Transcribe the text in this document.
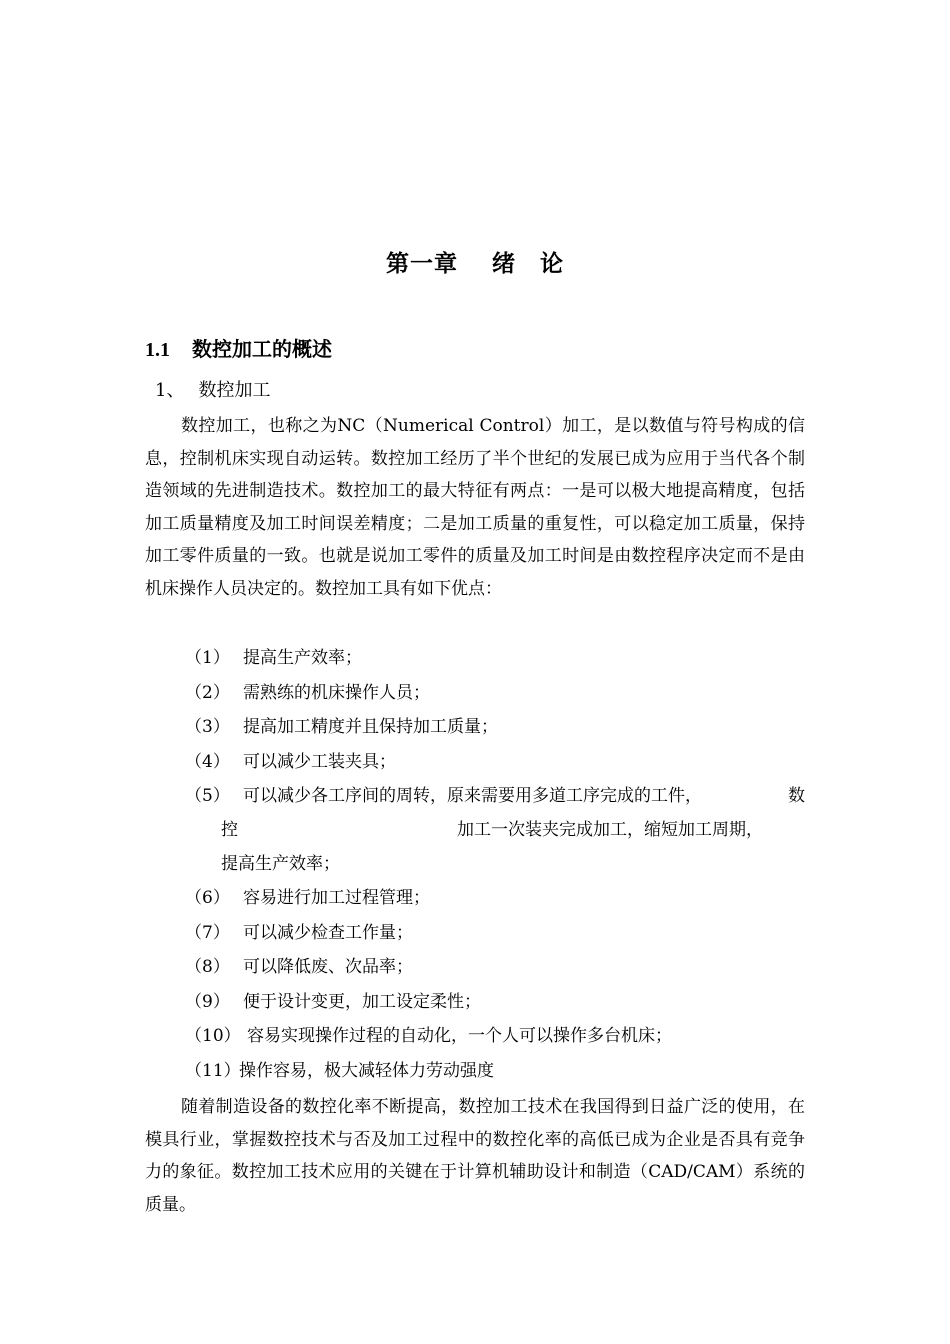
第一章 绪　论
1.1 数控加工的概述
1、 数控加工

数控加工，也称之为NC（Numerical Control）加工，是以数值与符号构成的信息，控制机床实现自动运转。数控加工经历了半个世纪的发展已成为应用于当代各个制造领域的先进制造技术。数控加工的最大特征有两点：一是可以极大地提高精度，包括加工质量精度及加工时间误差精度；二是加工质量的重复性，可以稳定加工质量，保持加工零件质量的一致。也就是说加工零件的质量及加工时间是由数控程序决定而不是由机床操作人员决定的。数控加工具有如下优点：

（1） 提高生产效率；
（2） 需熟练的机床操作人员；
（3） 提高加工精度并且保持加工质量；
（4） 可以减少工装夹具；
（5） 可以减少各工序间的周转，原来需要用多道工序完成的工件，	数
控	加工一次装夹完成加工，缩短加工周期，
提高生产效率；
（6） 容易进行加工过程管理；
（7） 可以减少检查工作量；
（8） 可以降低废、次品率；
（9） 便于设计变更，加工设定柔性；
（10） 容易实现操作过程的自动化，一个人可以操作多台机床；
（11）操作容易，极大减轻体力劳动强度

随着制造设备的数控化率不断提高，数控加工技术在我国得到日益广泛的使用，在模具行业，掌握数控技术与否及加工过程中的数控化率的高低已成为企业是否具有竞争力的象征。数控加工技术应用的关键在于计算机辅助设计和制造（CAD/CAM）系统的质量。
